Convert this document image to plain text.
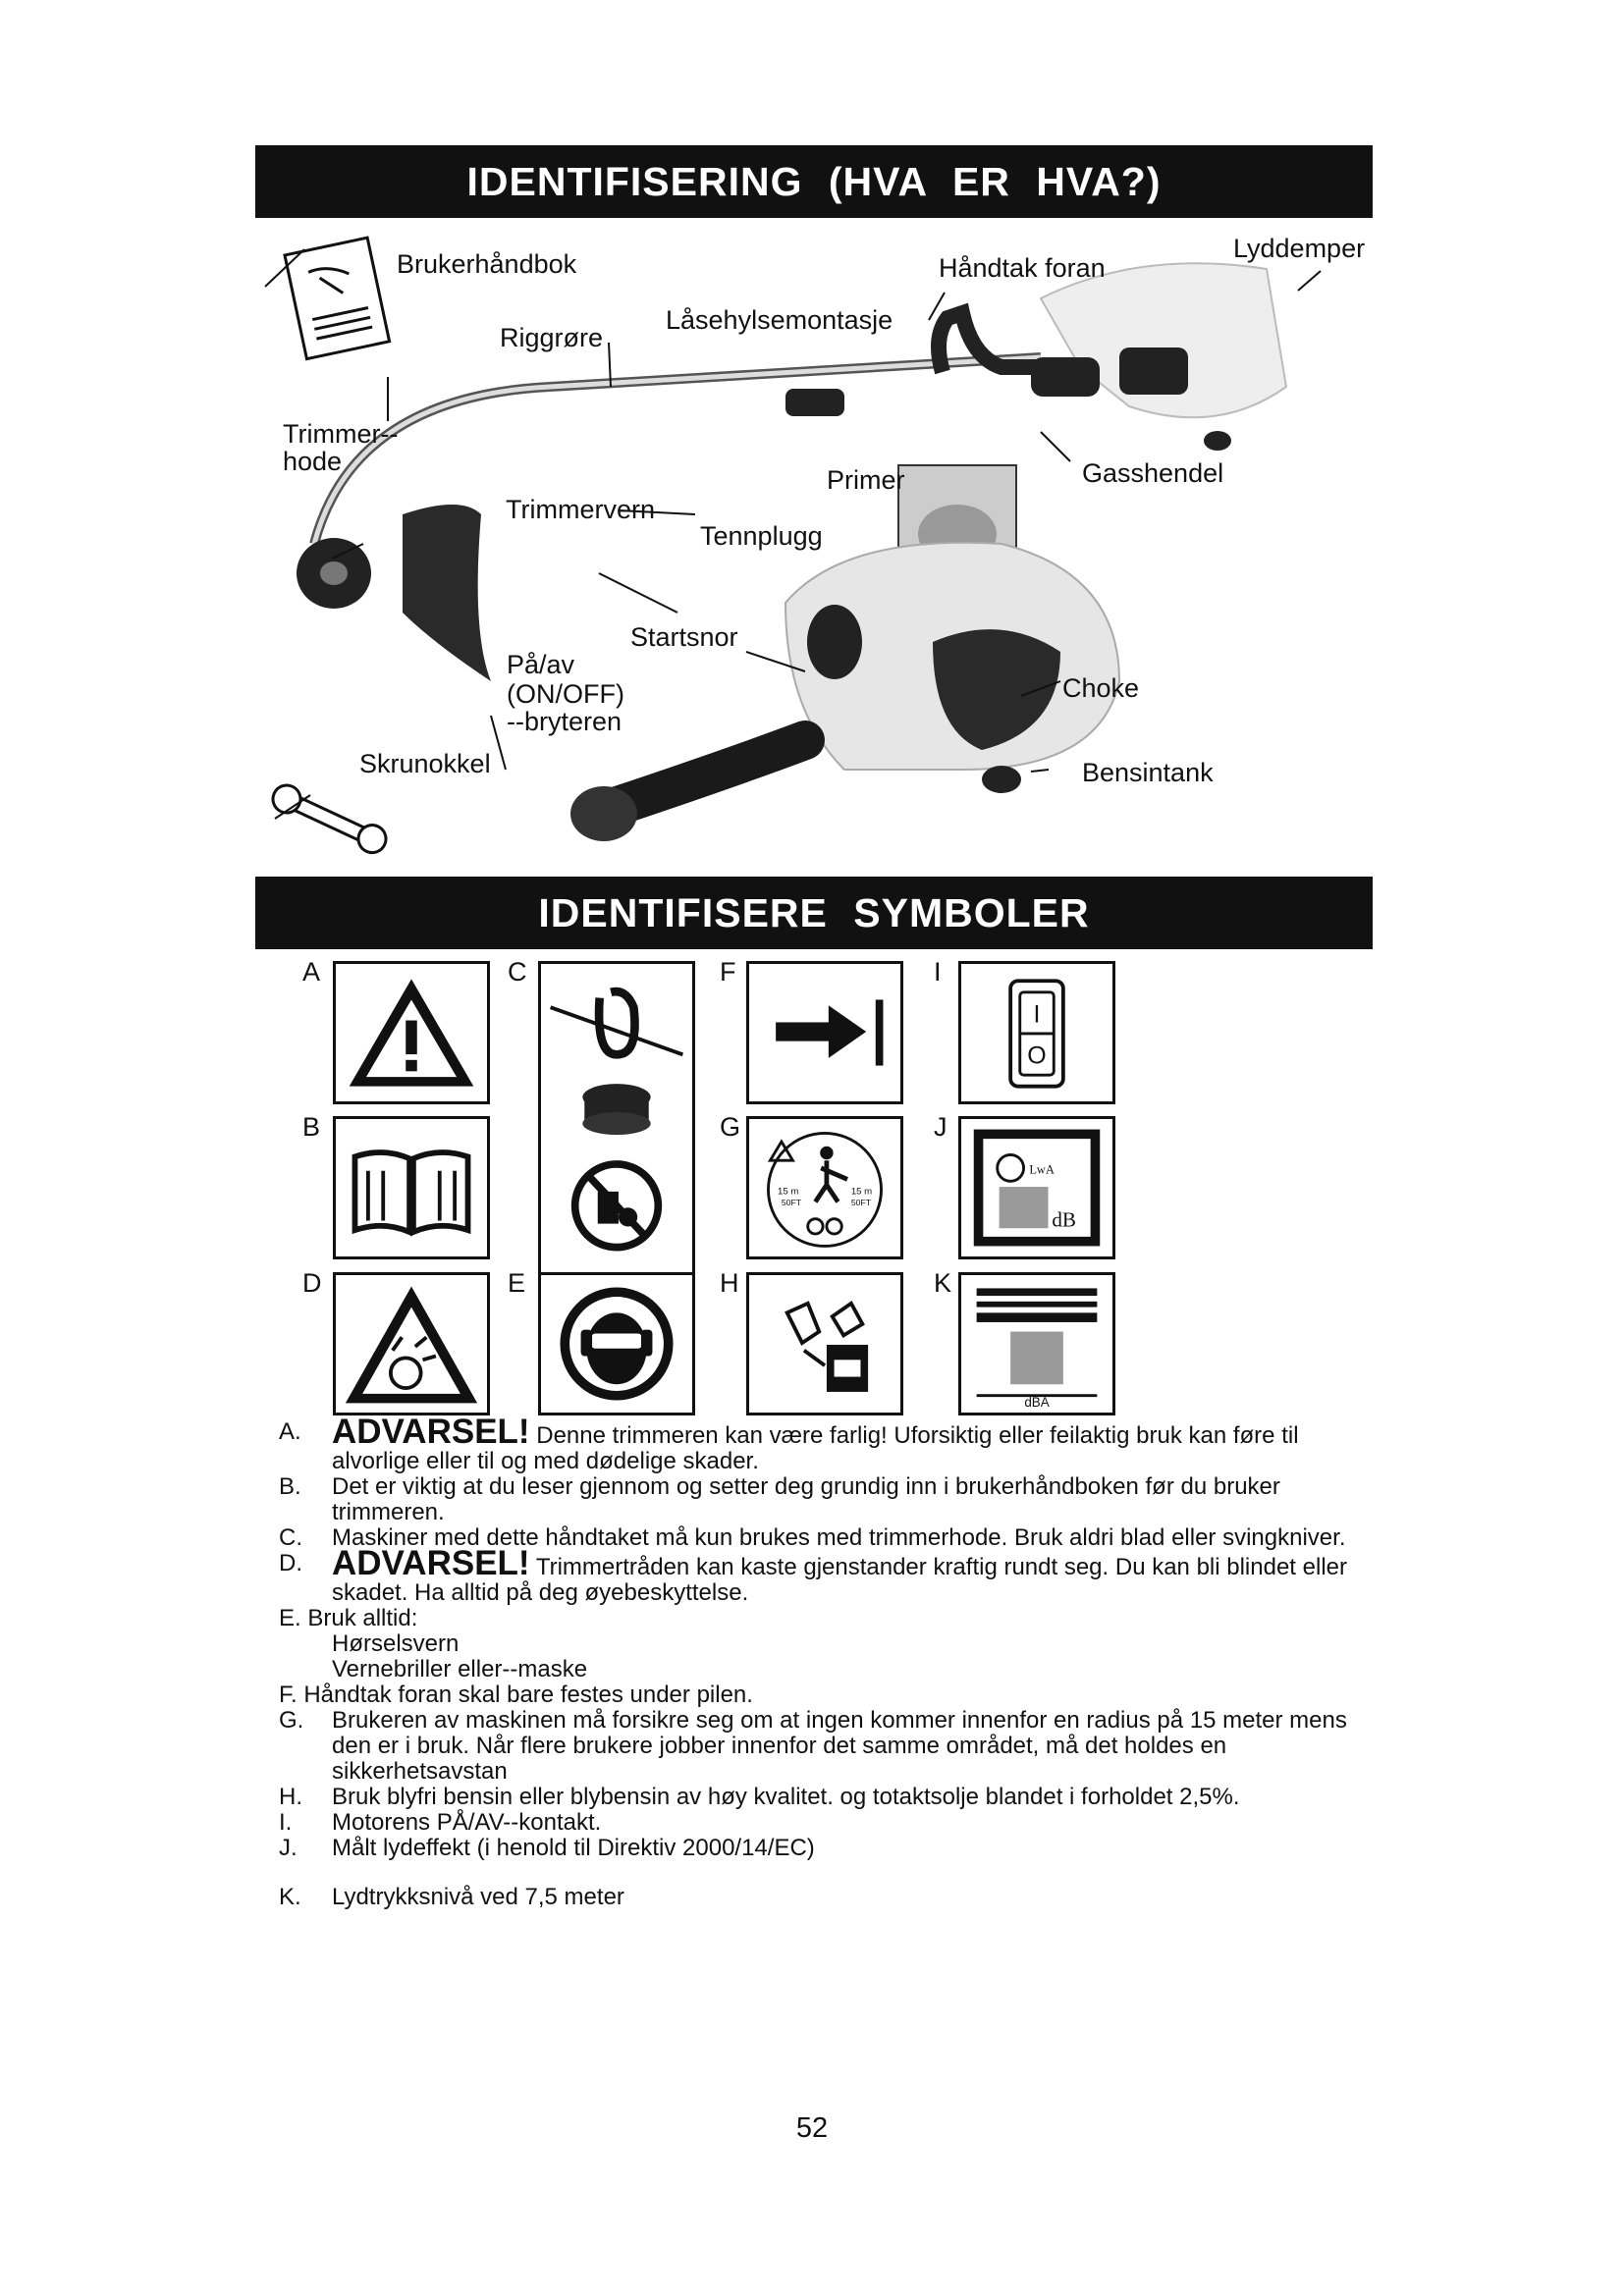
IDENTIFISERING (HVA ER HVA?)
Brukerhåndbok	Håndtak foran
Lyddemper
Riggrøre
Låsehylsemontasje
Trimmer--
hode
Primer	Gasshendel
Trimmervern
Tennplugg
Startsnor
På/av
(ON/OFF)
--bryteren
Choke
Skrunokkel	Bensintank
IDENTIFISERE SYMBOLER
A
B
C
D	E
F
G
H
I
J
K
15 m	15 m
50FT	50FT
I
O
LwA
dB
dBA
A. ADVARSEL! Denne trimmeren kan være farlig! Uforsiktig eller feilaktig bruk kan føre til alvorlige eller til og med dødelige skader.
B.	Det er viktig at du leser gjennom og setter deg grundig inn i brukerhåndboken før du bruker trimmeren.
C.	Maskiner med dette håndtaket må kun brukes med trimmerhode. Bruk aldri blad eller svingkniver.
D. ADVARSEL! Trimmertråden kan kaste gjenstander kraftig rundt seg. Du kan bli blindet eller skadet. Ha alltid på deg øyebeskyttelse.
E. Bruk alltid:
Hørselsvern
Vernebriller eller--maske
F. Håndtak foran skal bare festes under pilen.
G.	Brukeren av maskinen må forsikre seg om at ingen kommer innenfor en radius på 15 meter mens den er i bruk. Når flere brukere jobber innenfor det samme området, må det holdes en sikkerhetsavstan
H.	Bruk blyfri bensin eller blybensin av høy kvalitet. og totaktsolje blandet i forholdet 2,5%.
I.	Motorens PÅ/AV--kontakt.
J.	Målt lydeffekt (i henold til Direktiv 2000/14/EC)
K.	Lydtrykksnivå ved 7,5 meter
52
